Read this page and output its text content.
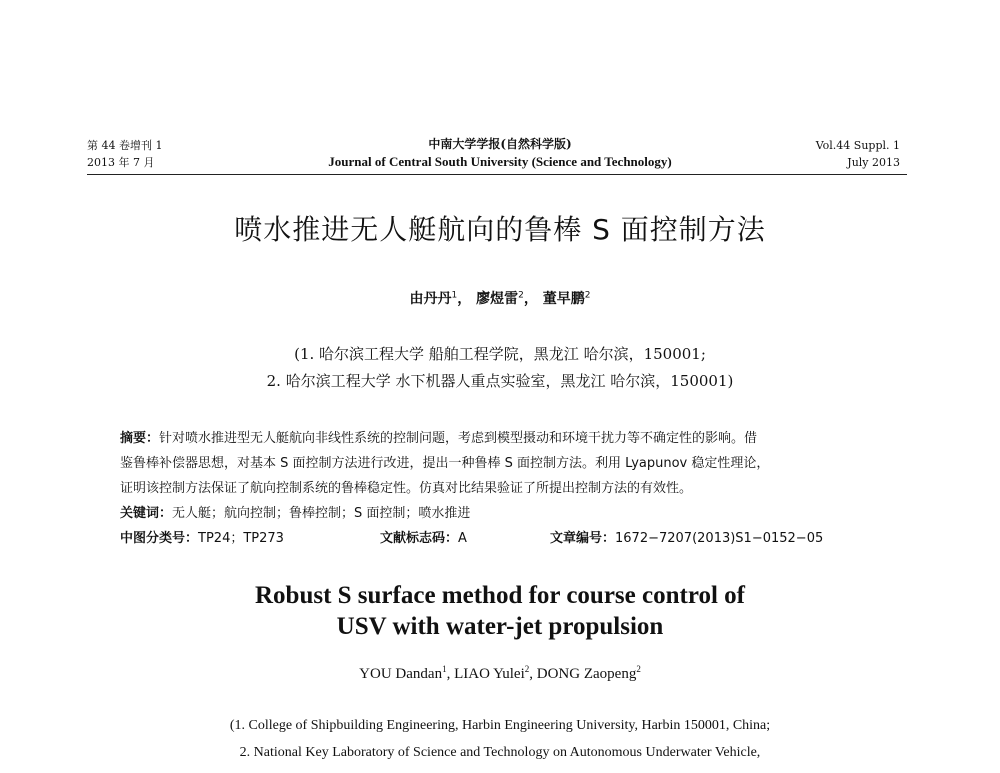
第 44 卷增刊 1
2013 年 7 月
中南大学学报(自然科学版)
Journal of Central South University (Science and Technology)
Vol.44 Suppl. 1
July 2013
喷水推进无人艇航向的鲁棒 S 面控制方法
由丹丹$^1$， 廖煜雷$^2$， 董早鹏$^2$
(1. 哈尔滨工程大学 船舶工程学院，黑龙江 哈尔滨，150001;
2. 哈尔滨工程大学 水下机器人重点实验室，黑龙江 哈尔滨，150001)
摘要：针对喷水推进型无人艇航向非线性系统的控制问题，考虑到模型摄动和环境干扰力等不确定性的影响。借
鉴鲁棒补偿器思想，对基本 S 面控制方法进行改进，提出一种鲁棒 S 面控制方法。利用 Lyapunov 稳定性理论，
证明该控制方法保证了航向控制系统的鲁棒稳定性。仿真对比结果验证了所提出控制方法的有效性。
关键词：无人艇；航向控制；鲁棒控制；S 面控制；喷水推进
中图分类号：TP24；TP273	文献标志码：A	文章编号：1672−7207(2013)S1−0152−05
Robust S surface method for course control of
USV with water-jet propulsion
YOU Dandan$^1$, LIAO Yulei$^2$, DONG Zaopeng$^2$
(1. College of Shipbuilding Engineering, Harbin Engineering University, Harbin 150001, China;
2. National Key Laboratory of Science and Technology on Autonomous Underwater Vehicle,
